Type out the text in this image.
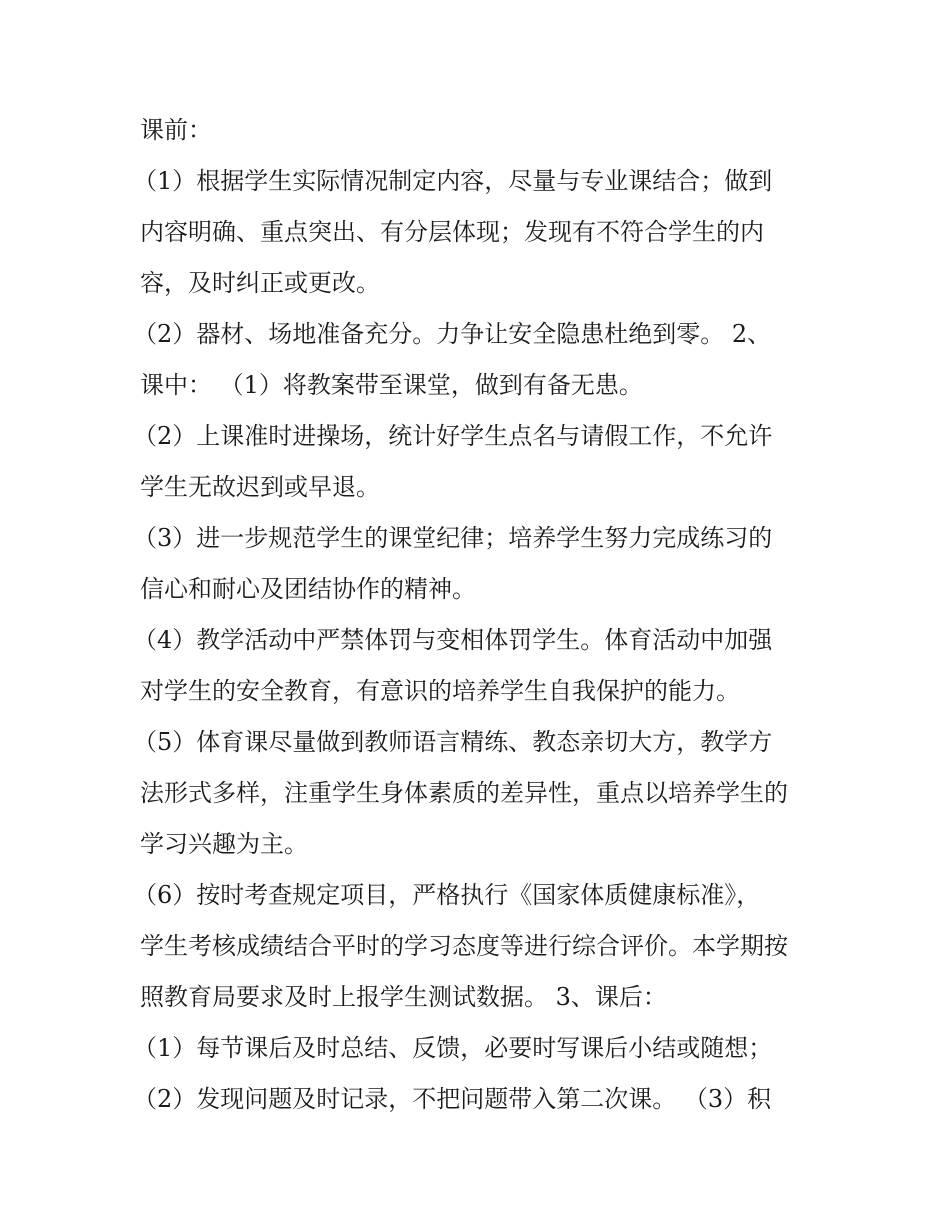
课前：

（1）根据学生实际情况制定内容，尽量与专业课结合；做到

内容明确、重点突出、有分层体现；发现有不符合学生的内

容，及时纠正或更改。

（2）器材、场地准备充分。力争让安全隐患杜绝到零。 2、

课中： （1）将教案带至课堂，做到有备无患。

（2）上课准时进操场，统计好学生点名与请假工作，不允许

学生无故迟到或早退。

（3）进一步规范学生的课堂纪律；培养学生努力完成练习的

信心和耐心及团结协作的精神。

（4）教学活动中严禁体罚与变相体罚学生。体育活动中加强

对学生的安全教育，有意识的培养学生自我保护的能力。

（5）体育课尽量做到教师语言精练、教态亲切大方，教学方

法形式多样，注重学生身体素质的差异性，重点以培养学生的

学习兴趣为主。

（6）按时考查规定项目，严格执行《国家体质健康标准》，

学生考核成绩结合平时的学习态度等进行综合评价。本学期按

照教育局要求及时上报学生测试数据。 3、课后：

（1）每节课后及时总结、反馈，必要时写课后小结或随想；

（2）发现问题及时记录，不把问题带入第二次课。 （3）积
